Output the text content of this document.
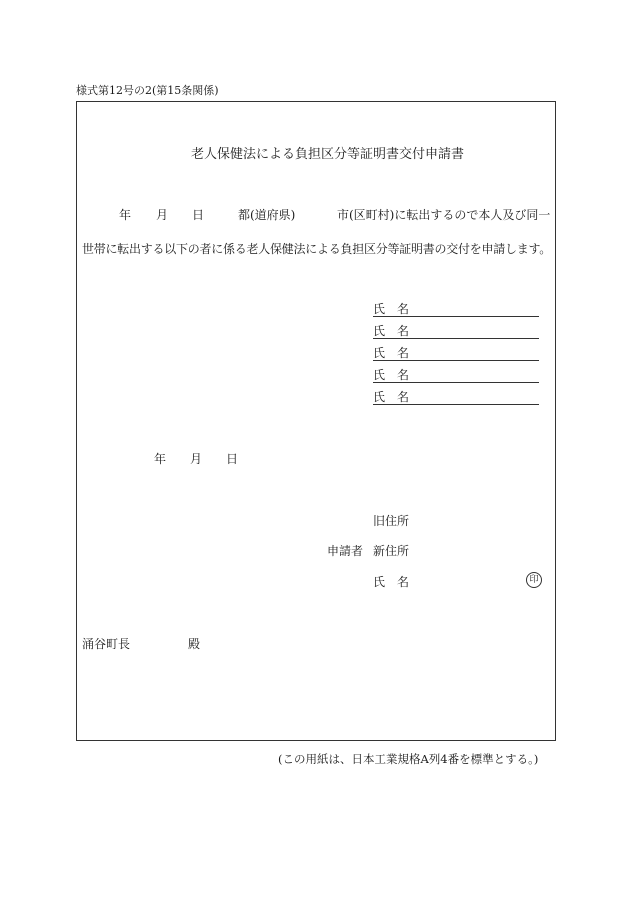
様式第12号の2(第15条関係)
老人保健法による負担区分等証明書交付申請書
年 月 日	都(道府県)	市(区町村)に転出するので本人及び同一
世帯に転出する以下の者に係る老人保健法による負担区分等証明書の交付を申請します。
氏　名
氏　名
氏　名
氏　名
氏　名
年 月 日
旧住所
申請者 新住所
氏　名	印
涌谷町長	殿
(この用紙は、日本工業規格A列4番を標準とする。)
